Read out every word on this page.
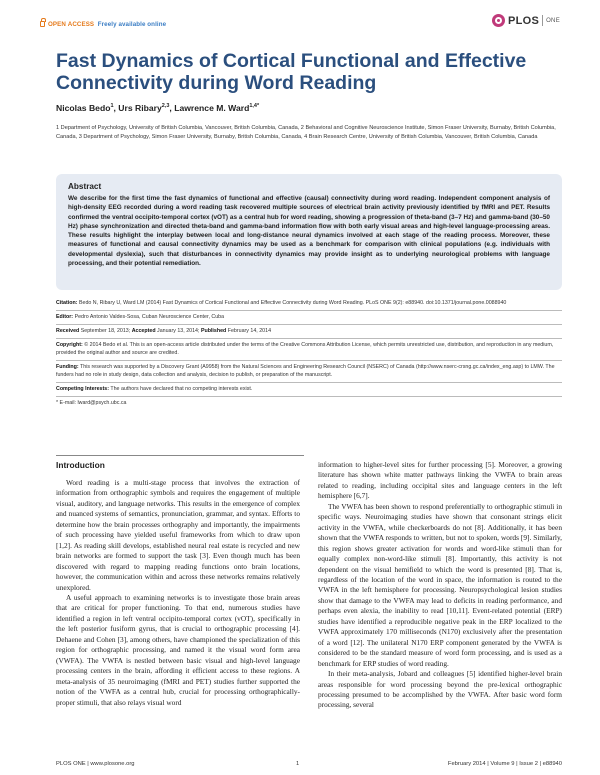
OPEN ACCESS Freely available online	PLOS ONE
Fast Dynamics of Cortical Functional and Effective Connectivity during Word Reading
Nicolas Bedo$^1$, Urs Ribary$^{2,3}$, Lawrence M. Ward$^{1,4*}$
1 Department of Psychology, University of British Columbia, Vancouver, British Columbia, Canada, 2 Behavioral and Cognitive Neuroscience Institute, Simon Fraser University, Burnaby, British Columbia, Canada, 3 Department of Psychology, Simon Fraser University, Burnaby, British Columbia, Canada, 4 Brain Research Centre, University of British Columbia, Vancouver, British Columbia, Canada
Abstract

We describe for the first time the fast dynamics of functional and effective (causal) connectivity during word reading. Independent component analysis of high-density EEG recorded during a word reading task recovered multiple sources of electrical brain activity previously identified by fMRI and PET. Results confirmed the ventral occipito-temporal cortex (vOT) as a central hub for word reading, showing a progression of theta-band (3–7 Hz) and gamma-band (30–50 Hz) phase synchronization and directed theta-band and gamma-band information flow with both early visual areas and high-level language-processing areas. These results highlight the interplay between local and long-distance neural dynamics involved at each stage of the reading process. Moreover, these measures of functional and causal connectivity dynamics may be used as a benchmark for comparison with clinical populations (e.g. individuals with developmental dyslexia), such that disturbances in connectivity dynamics may provide insight as to underlying neurological problems with language processing, and their potential remediation.

Citation: Bedo N, Ribary U, Ward LM (2014) Fast Dynamics of Cortical Functional and Effective Connectivity during Word Reading. PLoS ONE 9(2): e88940. doi:10.1371/journal.pone.0088940
Editor: Pedro Antonio Valdes-Sosa, Cuban Neuroscience Center, Cuba
Received September 18, 2013; Accepted January 13, 2014; Published February 14, 2014
Copyright: © 2014 Bedo et al. This is an open-access article distributed under the terms of the Creative Commons Attribution License, which permits unrestricted use, distribution, and reproduction in any medium, provided the original author and source are credited.
Funding: This research was supported by a Discovery Grant (A9958) from the Natural Sciences and Engineering Research Council (NSERC) of Canada (http://www.nserc-crsng.gc.ca/index_eng.asp) to LMW. The funders had no role in study design, data collection and analysis, decision to publish, or preparation of the manuscript.
Competing Interests: The authors have declared that no competing interests exist.
* E-mail: lward@psych.ubc.ca
Introduction

Word reading is a multi-stage process that involves the extraction of information from orthographic symbols and requires the engagement of multiple visual, auditory, and language networks. This results in the emergence of complex and nuanced systems of semantics, pronunciation, grammar, and syntax. Efforts to determine how the brain processes orthography and importantly, the impairments of such processing have yielded useful frameworks from which to draw upon [1,2]. As reading skill develops, established neural real estate is recycled and new brain networks are formed to support the task [3]. Even though much has been discovered with regard to mapping reading functions onto brain locations, however, the communication within and across these networks remains relatively unexplored.

A useful approach to examining networks is to investigate those brain areas that are critical for proper functioning. To that end, numerous studies have identified a region in left ventral occipito-temporal cortex (vOT), specifically in the left posterior fusiform gyrus, that is crucial to orthographic processing [4]. Dehaene and Cohen [3], among others, have championed the specialization of this region for orthographic processing, and named it the visual word form area (VWFA). The VWFA is nestled between basic visual and high-level language processing centers in the brain, affording it efficient access to these regions. A meta-analysis of 35 neuroimaging (fMRI and PET) studies further supported the notion of the VWFA as a central hub, crucial for processing orthographically-proper stimuli, that also relays visual word

information to higher-level sites for further processing [5]. Moreover, a growing literature has shown white matter pathways linking the VWFA to brain areas related to reading, including occipital sites and language centers in the left hemisphere [6,7].

The VWFA has been shown to respond preferentially to orthographic stimuli in specific ways. Neuroimaging studies have shown that consonant strings elicit activity in the VWFA, while checkerboards do not [8]. Additionally, it has been shown that the VWFA responds to written, but not to spoken, words [9]. Similarly, this region shows greater activation for words and word-like stimuli than for equally complex non-word-like stimuli [8]. Importantly, this activity is not dependent on the visual hemifield to which the word is presented [8]. That is, regardless of the location of the word in space, the information is routed to the VWFA in the left hemisphere for processing. Neuropsychological lesion studies show that damage to the VWFA may lead to deficits in reading performance, and perhaps even alexia, the inability to read [10,11]. Event-related potential (ERP) studies have identified a reproducible negative peak in the ERP localized to the VWFA approximately 170 milliseconds (N170) exclusively after the presentation of a word [12]. The unilateral N170 ERP component generated by the VWFA is considered to be the standard measure of word form processing, and is used as a benchmark for ERP studies of word reading.

In their meta-analysis, Jobard and colleagues [5] identified higher-level brain areas responsible for word processing beyond the pre-lexical orthographic processing presumed to be accomplished by the VWFA. After basic word form processing, several

PLOS ONE | www.plosone.org	1	February 2014 | Volume 9 | Issue 2 | e88940
